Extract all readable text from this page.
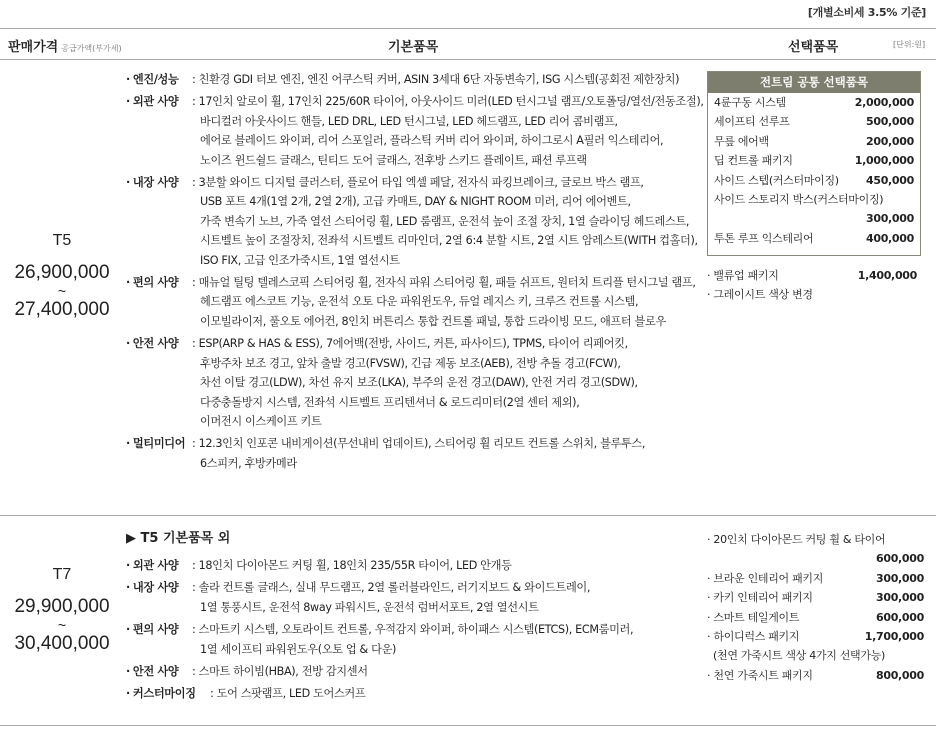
[개별소비세 3.5% 기준]
판매가격 공급가액(부가세)	기본품목	선택품목	[단위:원]
T5
26,900,000
~
27,400,000
· 엔진/성능 : 친환경 GDI 터보 엔진, 엔진 어쿠스틱 커버, ASIN 3세대 6단 자동변속기, ISG 시스템(공회전 제한장치)
· 외관 사양 : 17인치 알로이 휠, 17인치 225/60R 타이어, 아웃사이드 미러(LED 턴시그널 램프/오토폴딩/열선/전동조절),
바디컬러 아웃사이드 핸들, LED DRL, LED 턴시그널, LED 헤드램프, LED 리어 콤비램프,
에어로 블레이드 와이퍼, 리어 스포일러, 플라스틱 커버 리어 와이퍼, 하이그로시 A필러 익스테리어,
노이즈 윈드쉴드 글래스, 틴티드 도어 글래스, 전후방 스키드 플레이트, 패션 루프랙
· 내장 사양 : 3분할 와이드 디지털 클러스터, 플로어 타입 엑셀 페달, 전자식 파킹브레이크, 글로브 박스 램프,
USB 포트 4개(1열 2개, 2열 2개), 고급 카매트, DAY & NIGHT ROOM 미러, 리어 에어벤트,
가죽 변속기 노브, 가죽 열선 스티어링 휠, LED 룸램프, 운전석 높이 조절 장치, 1열 슬라이딩 헤드레스트,
시트벨트 높이 조절장치, 전좌석 시트벨트 리마인더, 2열 6:4 분할 시트, 2열 시트 암레스트(WITH 컵홀더),
ISO FIX, 고급 인조가죽시트, 1열 열선시트
· 편의 사양 : 매뉴얼 틸팅 텔레스코픽 스티어링 휠, 전자식 파워 스티어링 휠, 패들 쉬프트, 원터치 트리플 턴시그널 램프,
헤드램프 에스코트 기능, 운전석 오토 다운 파워윈도우, 듀얼 레지스 키, 크루즈 컨트롤 시스템,
이모빌라이저, 풀오토 에어컨, 8인치 버튼리스 통합 컨트롤 패널, 통합 드라이빙 모드, 애프터 블로우
· 안전 사양 : ESP(ARP & HAS & ESS), 7에어백(전방, 사이드, 커튼, 파사이드), TPMS, 타이어 리페어킷,
후방주차 보조 경고, 앞차 출발 경고(FVSW), 긴급 제동 보조(AEB), 전방 추돌 경고(FCW),
차선 이탈 경고(LDW), 차선 유지 보조(LKA), 부주의 운전 경고(DAW), 안전 거리 경고(SDW),
다중충돌방지 시스템, 전좌석 시트벨트 프리텐셔너 & 로드리미터(2열 센터 제외),
이머전시 이스케이프 키트
· 멀티미디어 : 12.3인치 인포콘 내비게이션(무선내비 업데이트), 스티어링 휠 리모트 컨트롤 스위치, 블루투스,
6스피커, 후방카메라
전트림 공통 선택품목
4륜구동 시스템	2,000,000
세이프티 선루프	500,000
무릎 에어백	200,000
딥 컨트롤 패키지	1,000,000
사이드 스텝(커스터마이징) 450,000
사이드 스토리지 박스(커스터마이징)
300,000
투톤 루프 익스테리어	400,000
· 밸류업 패키지	1,400,000
· 그레이시트 색상 변경
T7
29,900,000
~
30,400,000
▶ T5 기본품목 외
· 외관 사양 : 18인치 다이아몬드 커팅 휠, 18인치 235/55R 타이어, LED 안개등
· 내장 사양 : 솔라 컨트롤 글래스, 실내 무드램프, 2열 롤러블라인드, 러기지보드 & 와이드트레이,
1열 통풍시트, 운전석 8way 파워시트, 운전석 럼버서포트, 2열 열선시트
· 편의 사양 : 스마트키 시스템, 오토라이트 컨트롤, 우적감지 와이퍼, 하이패스 시스템(ETCS), ECM룸미러,
1열 세이프티 파워윈도우(오토 업 & 다운)
· 안전 사양 : 스마트 하이빔(HBA), 전방 감지센서
· 커스터마이징 : 도어 스팟램프, LED 도어스커프
· 20인치 다이아몬드 커팅 휠 & 타이어
600,000
· 브라운 인테리어 패키지	300,000
· 카키 인테리어 패키지	300,000
· 스마트 테일게이트	600,000
· 하이디럭스 패키지	1,700,000
(천연 가죽시트 색상 4가지 선택가능)
· 천연 가죽시트 패키지	800,000
